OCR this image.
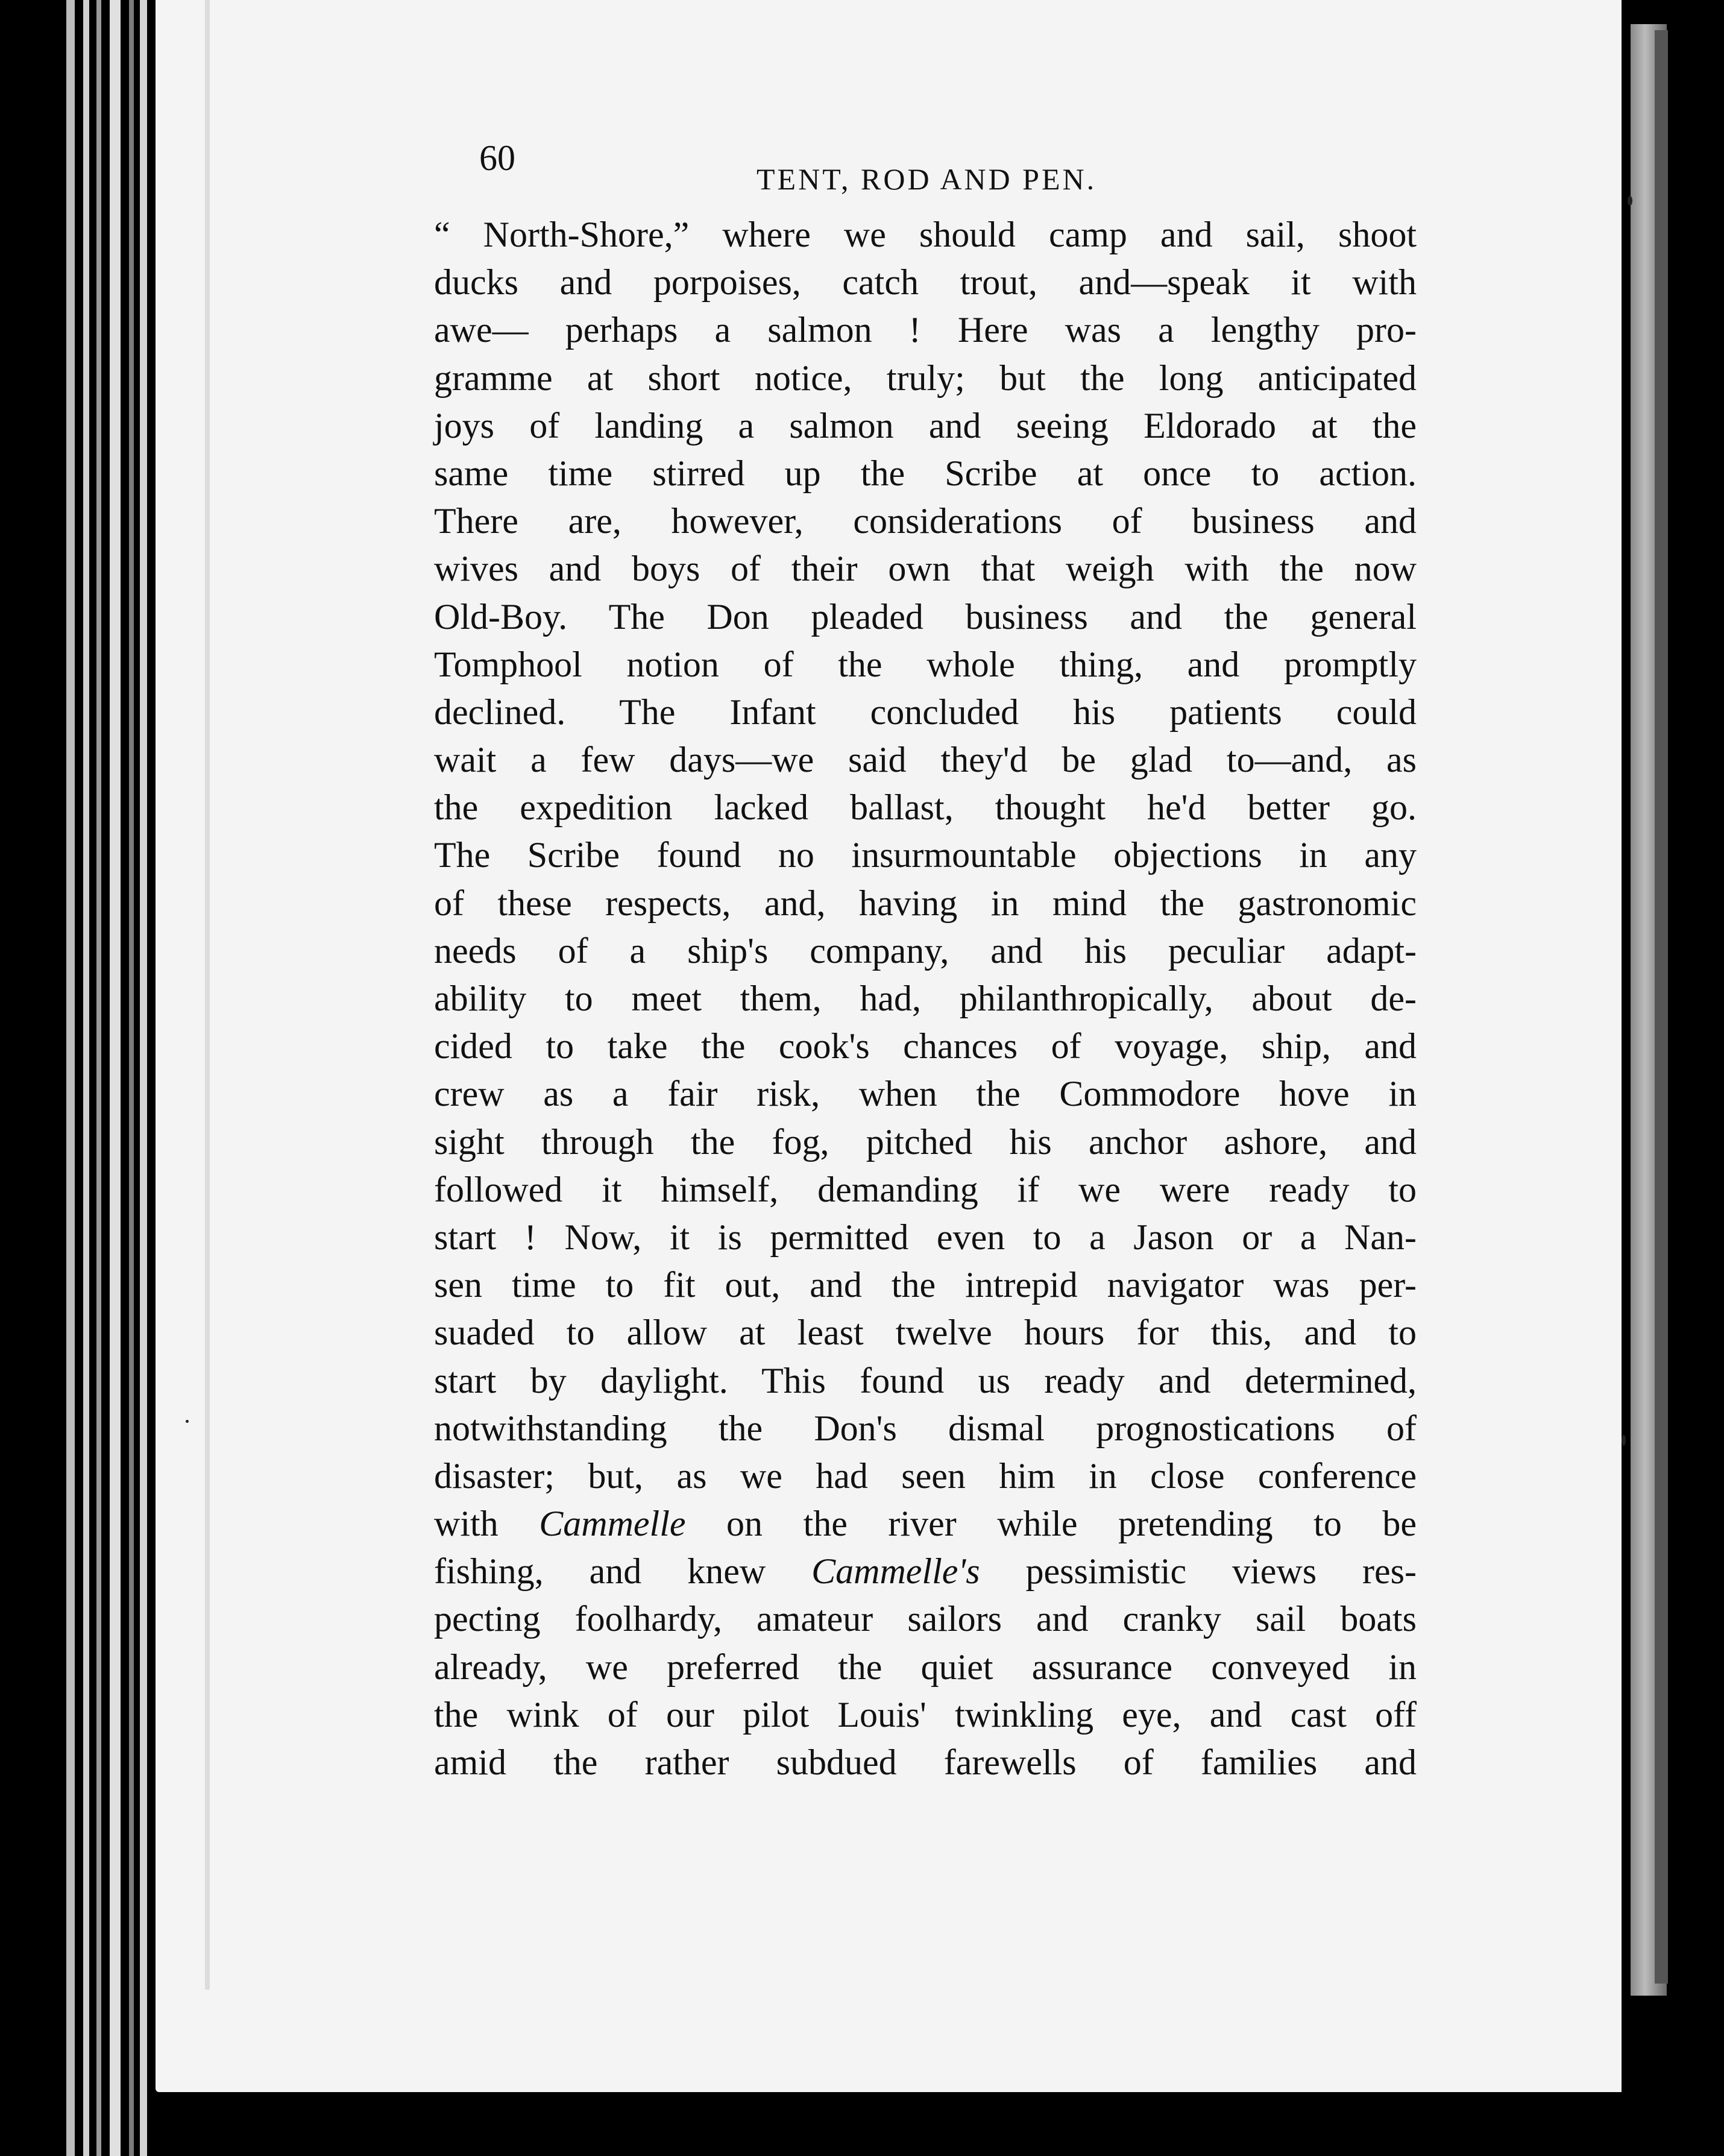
60
TENT, ROD AND PEN.
“ North-Shore,” where we should camp and sail, shoot
ducks and porpoises, catch trout, and—speak it with
awe— perhaps a salmon ! Here was a lengthy pro-
gramme at short notice, truly; but the long anticipated
joys of landing a salmon and seeing Eldorado at the
same time stirred up the Scribe at once to action.
There are, however, considerations of business and
wives and boys of their own that weigh with the now
Old-Boy. The Don pleaded business and the general
Tomphool notion of the whole thing, and promptly
declined. The Infant concluded his patients could
wait a few days—we said they'd be glad to—and, as
the expedition lacked ballast, thought he'd better go.
The Scribe found no insurmountable objections in any
of these respects, and, having in mind the gastronomic
needs of a ship's company, and his peculiar adapt-
ability to meet them, had, philanthropically, about de-
cided to take the cook's chances of voyage, ship, and
crew as a fair risk, when the Commodore hove in
sight through the fog, pitched his anchor ashore, and
followed it himself, demanding if we were ready to
start ! Now, it is permitted even to a Jason or a Nan-
sen time to fit out, and the intrepid navigator was per-
suaded to allow at least twelve hours for this, and to
start by daylight. This found us ready and determined,
notwithstanding the Don's dismal prognostications of
disaster; but, as we had seen him in close conference
with Cammelle on the river while pretending to be
fishing, and knew Cammelle's pessimistic views res-
pecting foolhardy, amateur sailors and cranky sail boats
already, we preferred the quiet assurance conveyed in
the wink of our pilot Louis' twinkling eye, and cast off
amid the rather subdued farewells of families and
